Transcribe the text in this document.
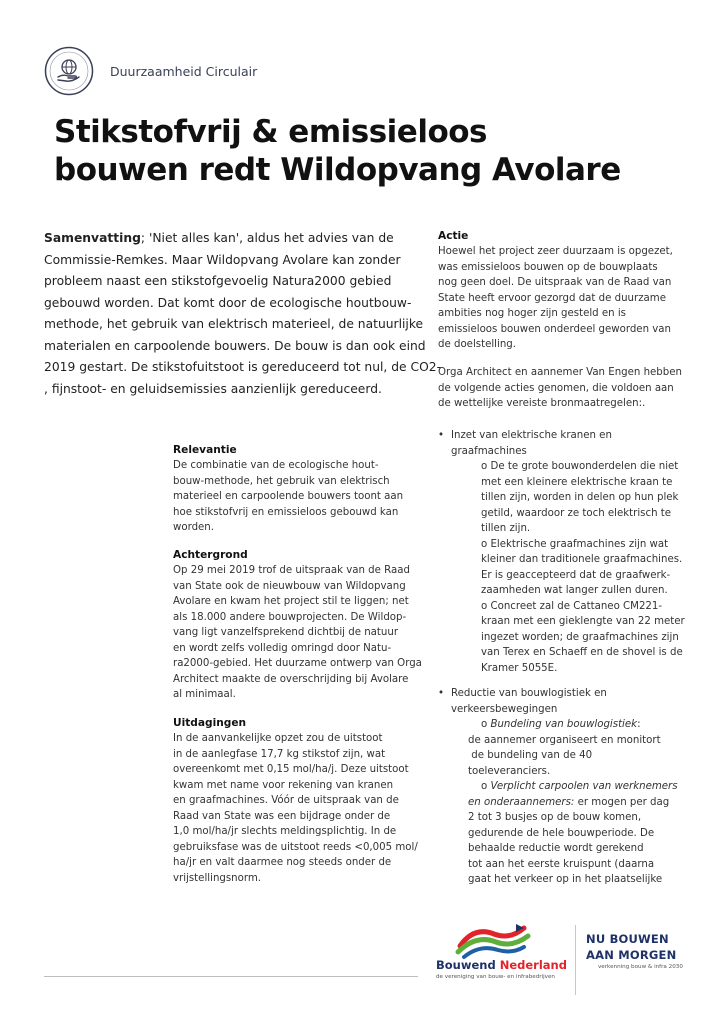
Duurzaamheid Circulair
Stikstofvrij & emissieloos
bouwen redt Wildopvang Avolare
Samenvatting; 'Niet alles kan', aldus het advies van de
Commissie-Remkes. Maar Wildopvang Avolare kan zonder
probleem naast een stikstofgevoelig Natura2000 gebied
gebouwd worden. Dat komt door de ecologische houtbouw-
methode, het gebruik van elektrisch materieel, de natuurlijke
materialen en carpoolende bouwers. De bouw is dan ook eind
2019 gestart. De stikstofuitstoot is gereduceerd tot nul, de CO2-
, fijnstoot- en geluidsemissies aanzienlijk gereduceerd.
Relevantie
De combinatie van de ecologische hout-
bouw-methode, het gebruik van elektrisch
materieel en carpoolende bouwers toont aan
hoe stikstofvrij en emissieloos gebouwd kan
worden.
Achtergrond
Op 29 mei 2019 trof de uitspraak van de Raad
van State ook de nieuwbouw van Wildopvang
Avolare en kwam het project stil te liggen; net
als 18.000 andere bouwprojecten. De Wildop-
vang ligt vanzelfsprekend dichtbij de natuur
en wordt zelfs volledig omringd door Natu-
ra2000-gebied. Het duurzame ontwerp van Orga
Architect maakte de overschrijding bij Avolare
al minimaal.
Uitdagingen
In de aanvankelijke opzet zou de uitstoot
in de aanlegfase 17,7 kg stikstof zijn, wat
overeenkomt met 0,15 mol/ha/j. Deze uitstoot
kwam met name voor rekening van kranen
en graafmachines. Vóór de uitspraak van de
Raad van State was een bijdrage onder de
1,0 mol/ha/jr slechts meldingsplichtig. In de
gebruiksfase was de uitstoot reeds <0,005 mol/
ha/jr en valt daarmee nog steeds onder de
vrijstellingsnorm.
Actie
Hoewel het project zeer duurzaam is opgezet,
was emissieloos bouwen op de bouwplaats
nog geen doel. De uitspraak van de Raad van
State heeft ervoor gezorgd dat de duurzame
ambities nog hoger zijn gesteld en is
emissieloos bouwen onderdeel geworden van
de doelstelling.
Orga Architect en aannemer Van Engen hebben
de volgende acties genomen, die voldoen aan
de wettelijke vereiste bronmaatregelen:.
• Inzet van elektrische kranen en
graafmachines
o De te grote bouwonderdelen die niet
met een kleinere elektrische kraan te
tillen zijn, worden in delen op hun plek
getild, waardoor ze toch elektrisch te
tillen zijn.
o Elektrische graafmachines zijn wat
kleiner dan traditionele graafmachines.
Er is geaccepteerd dat de graafwerk-
zaamheden wat langer zullen duren.
o Concreet zal de Cattaneo CM221-
kraan met een gieklengte van 22 meter
ingezet worden; de graafmachines zijn
van Terex en Schaeff en de shovel is de
Kramer 5055E.
• Reductie van bouwlogistiek en
verkeersbewegingen
o Bundeling van bouwlogistiek:
de aannemer organiseert en monitort
de bundeling van de 40
toeleveranciers.
o Verplicht carpoolen van werknemers
en onderaannemers: er mogen per dag
2 tot 3 busjes op de bouw komen,
gedurende de hele bouwperiode. De
behaalde reductie wordt gerekend
tot aan het eerste kruispunt (daarna
gaat het verkeer op in het plaatselijke
Bouwend Nederland
de vereniging van bouw- en infrabedrijven
NU BOUWEN
AAN MORGEN
verkenning bouw & infra 2030
